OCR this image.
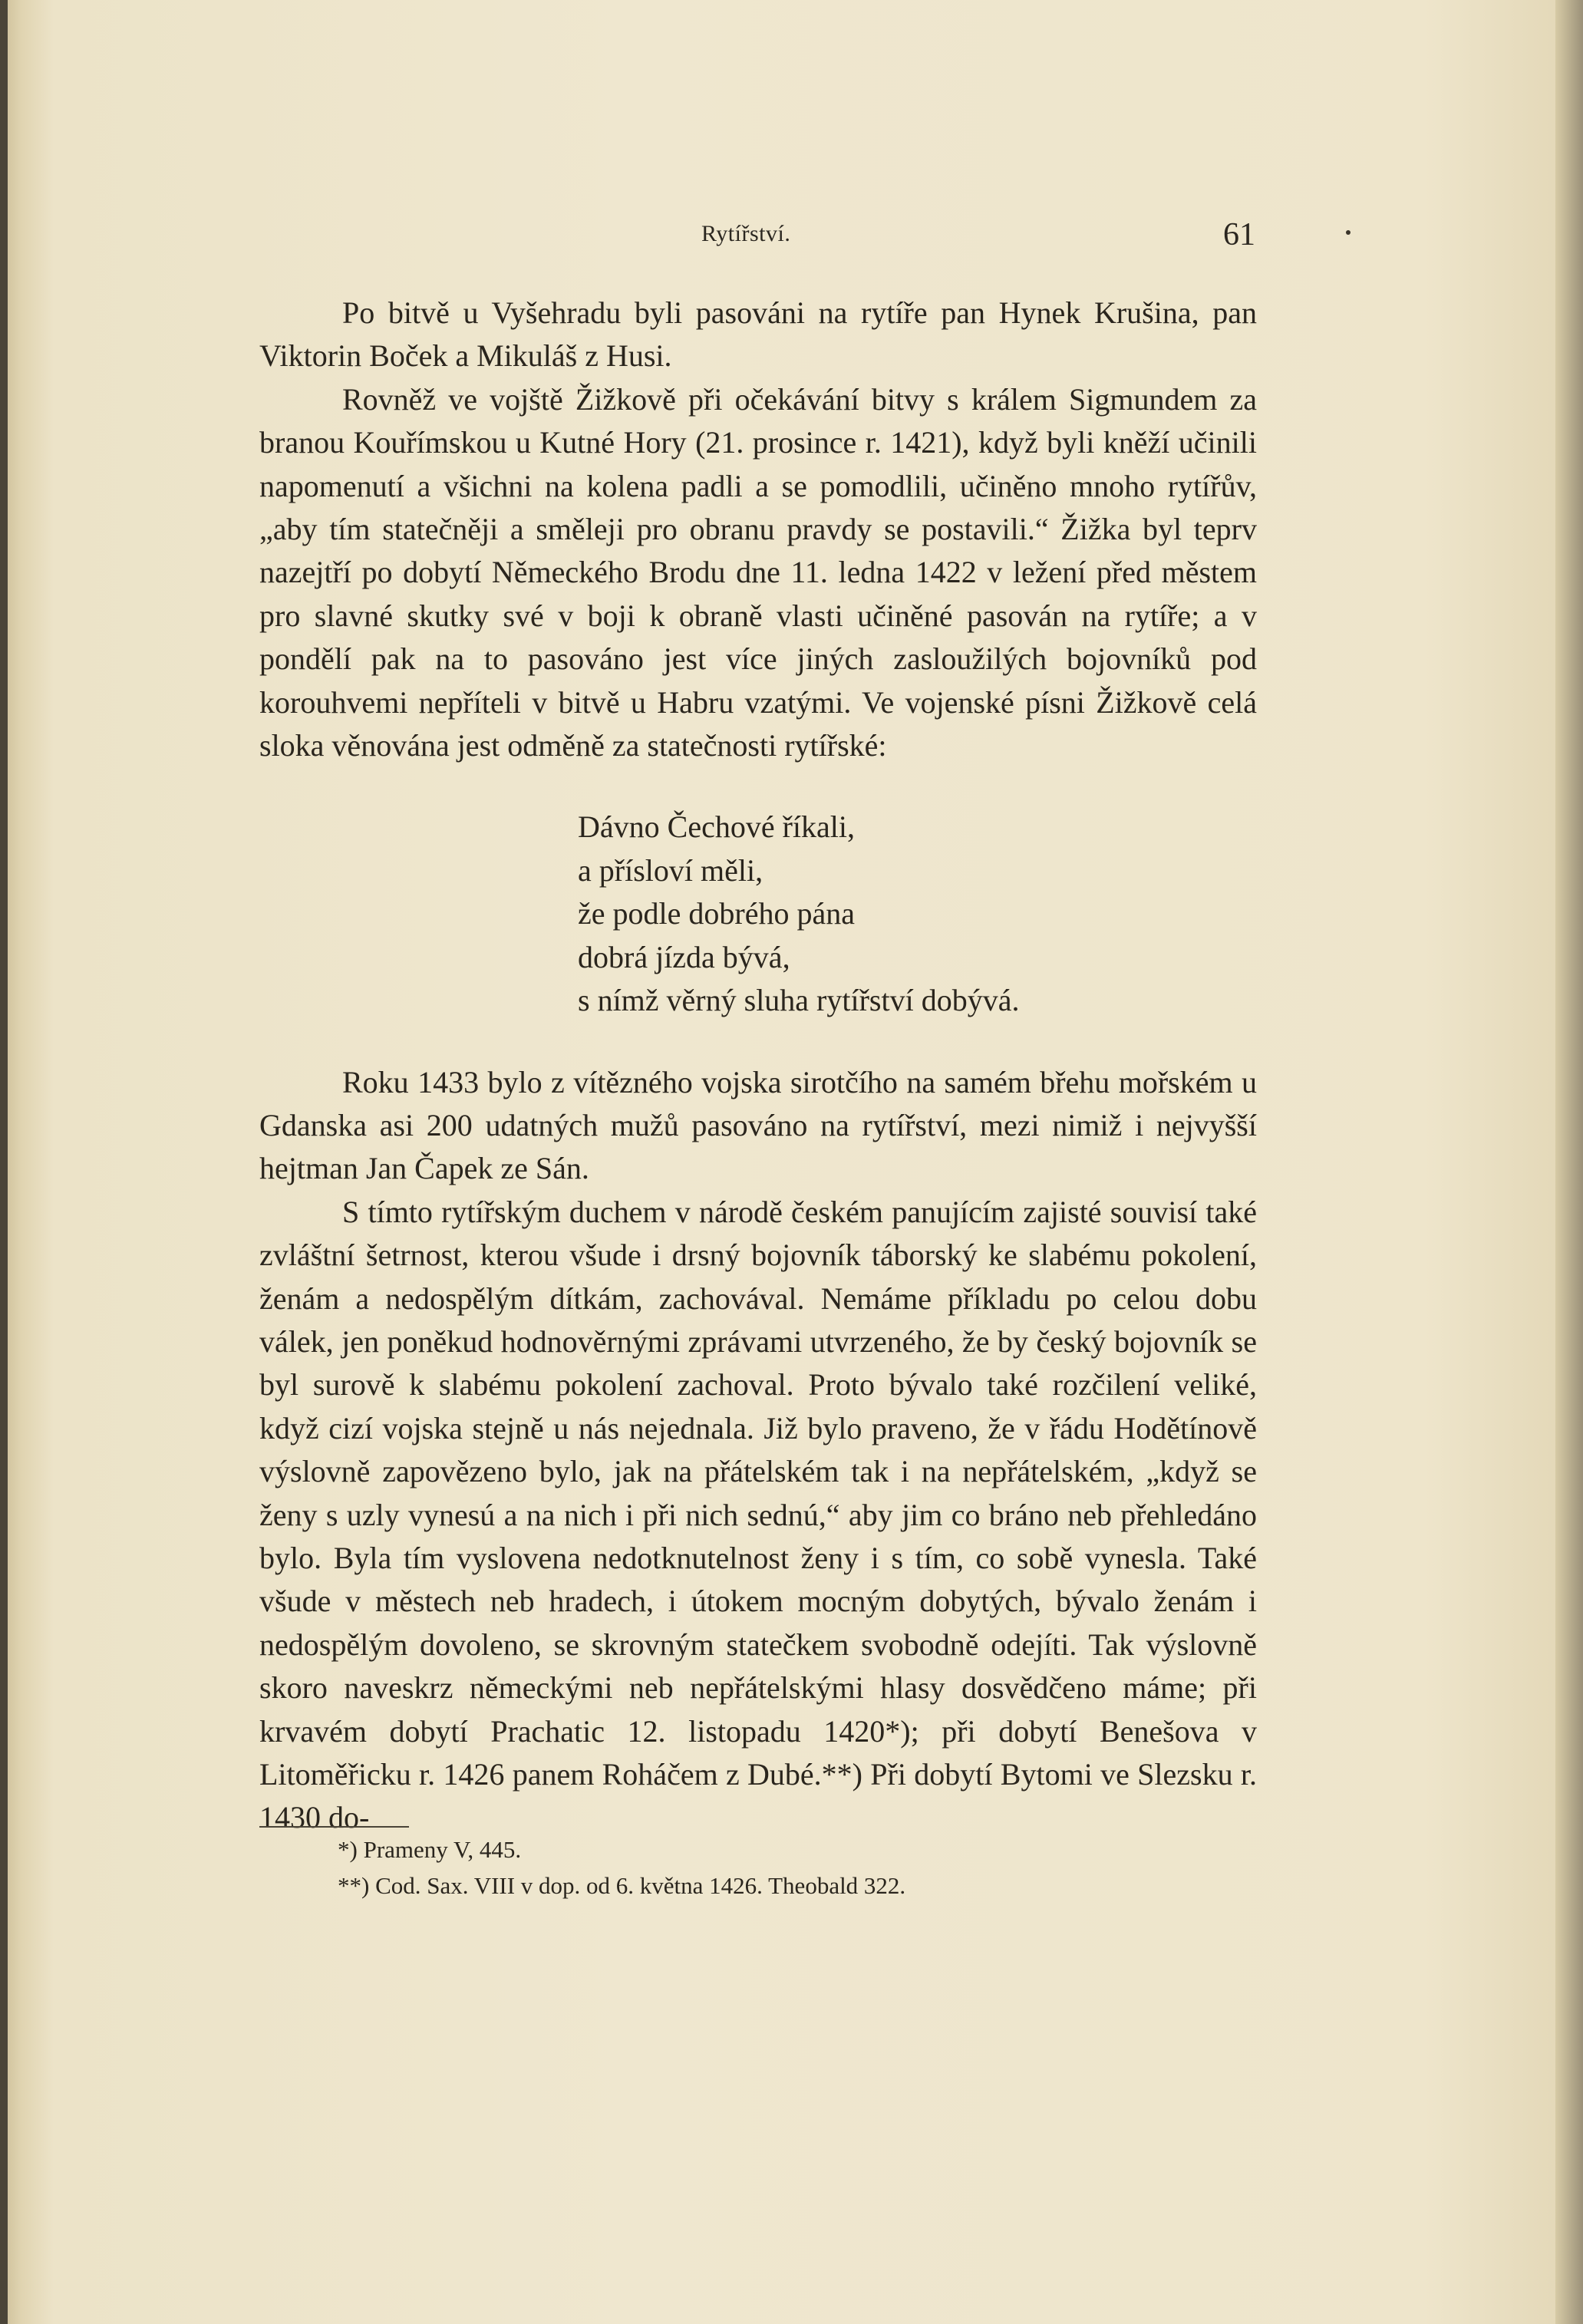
Rytířství.	61

Po bitvě u Vyšehradu byli pasováni na rytíře pan Hynek Krušina, pan Viktorin Boček a Mikuláš z Husi.

Rovněž ve vojště Žižkově při očekávání bitvy s králem Sigmundem za branou Kouřímskou u Kutné Hory (21. prosince r. 1421), když byli kněží učinili napomenutí a všichni na kolena padli a se pomodlili, učiněno mnoho rytířův, „aby tím statečněji a směleji pro obranu pravdy se postavili.“ Žižka byl teprv nazejtří po dobytí Německého Brodu dne 11. ledna 1422 v ležení před městem pro slavné skutky své v boji k obraně vlasti učiněné pasován na rytíře; a v pondělí pak na to pasováno jest více jiných zasloužilých bojovníků pod korouhvemi nepříteli v bitvě u Habru vzatými. Ve vojenské písni Žižkově celá sloka věnována jest odměně za statečnosti rytířské:

Dávno Čechové říkali,
a přísloví měli,
že podle dobrého pána
dobrá jízda bývá,
s nímž věrný sluha rytířství dobývá.

Roku 1433 bylo z vítězného vojska sirotčího na samém břehu mořském u Gdanska asi 200 udatných mužů pasováno na rytířství, mezi nimiž i nejvyšší hejtman Jan Čapek ze Sán.

S tímto rytířským duchem v národě českém panujícím zajisté souvisí také zvláštní šetrnost, kterou všude i drsný bojovník táborský ke slabému pokolení, ženám a nedospělým dítkám, zachovával. Nemáme příkladu po celou dobu válek, jen poněkud hodnověrnými zprávami utvrzeného, že by český bojovník se byl surově k slabému pokolení zachoval. Proto bývalo také rozčilení veliké, když cizí vojska stejně u nás nejednala. Již bylo praveno, že v řádu Hodětínově výslovně zapovězeno bylo, jak na přátelském tak i na nepřátelském, „když se ženy s uzly vynesú a na nich i při nich sednú,“ aby jim co bráno neb přehledáno bylo. Byla tím vyslovena nedotknutelnost ženy i s tím, co sobě vynesla. Také všude v městech neb hradech, i útokem mocným dobytých, bývalo ženám i nedospělým dovoleno, se skrovným statečkem svobodně odejíti. Tak výslovně skoro naveskrz německými neb nepřátelskými hlasy dosvědčeno máme; při krvavém dobytí Prachatic 12. listopadu 1420*); při dobytí Benešova v Litoměřicku r. 1426 panem Roháčem z Dubé.**) Při dobytí Bytomi ve Slezsku r. 1430 do-

*) Prameny V, 445.
**) Cod. Sax. VIII v dop. od 6. května 1426. Theobald 322.
